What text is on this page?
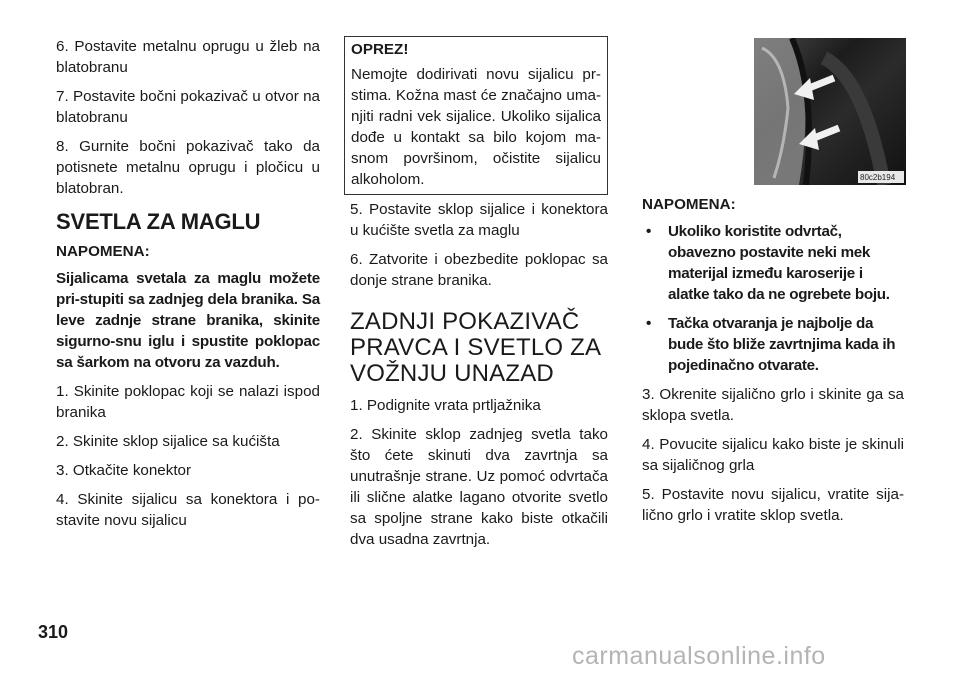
6. Postavite metalnu oprugu u žleb na blatobranu

7. Postavite bočni pokazivač u otvor na blatobranu

8. Gurnite bočni pokazivač tako da potisnete metalnu oprugu i pločicu u blatobran.

SVETLA ZA MAGLU
NAPOMENA:

Sijalicama svetala za maglu možete pri-stupiti sa zadnjeg dela branika. Sa leve zadnje strane branika, skinite sigurno-snu iglu i spustite poklopac sa šarkom na otvoru za vazduh.

1. Skinite poklopac koji se nalazi ispod branika

2. Skinite sklop sijalice sa kućišta

3. Otkačite konektor

4. Skinite sijalicu sa konektora i po-stavite novu sijalicu

OPREZ!

Nemojte dodirivati novu sijalicu pr-stima. Kožna mast će značajno uma-njiti radni vek sijalice. Ukoliko sijalica dođe u kontakt sa bilo kojom ma-snom površinom, očistite sijalicu alkoholom.

5. Postavite sklop sijalice i konektora u kućište svetla za maglu

6. Zatvorite i obezbedite poklopac sa donje strane branika.

ZADNJI POKAZIVAČ PRAVCA I SVETLO ZA VOŽNJU UNAZAD

1. Podignite vrata prtljažnika

2. Skinite sklop zadnjeg svetla tako što ćete skinuti dva zavrtnja sa unutrašnje strane. Uz pomoć odvrtača ili slične alatke lagano otvorite svetlo sa spoljne strane kako biste otkačili dva usadna zavrtnja.

80c2b194
NAPOMENA:
•	Ukoliko koristite odvrtač, obavezno postavite neki mek materijal između karoserije i alatke tako da ne ogrebete boju.
•	Tačka otvaranja je najbolje da bude što bliže zavrtnjima kada ih pojedinačno otvarate.

3. Okrenite sijalično grlo i skinite ga sa sklopa svetla.

4. Povucite sijalicu kako biste je skinuli sa sijaličnog grla

5. Postavite novu sijalicu, vratite sija-lično grlo i vratite sklop svetla.

310
carmanualsonline.info
